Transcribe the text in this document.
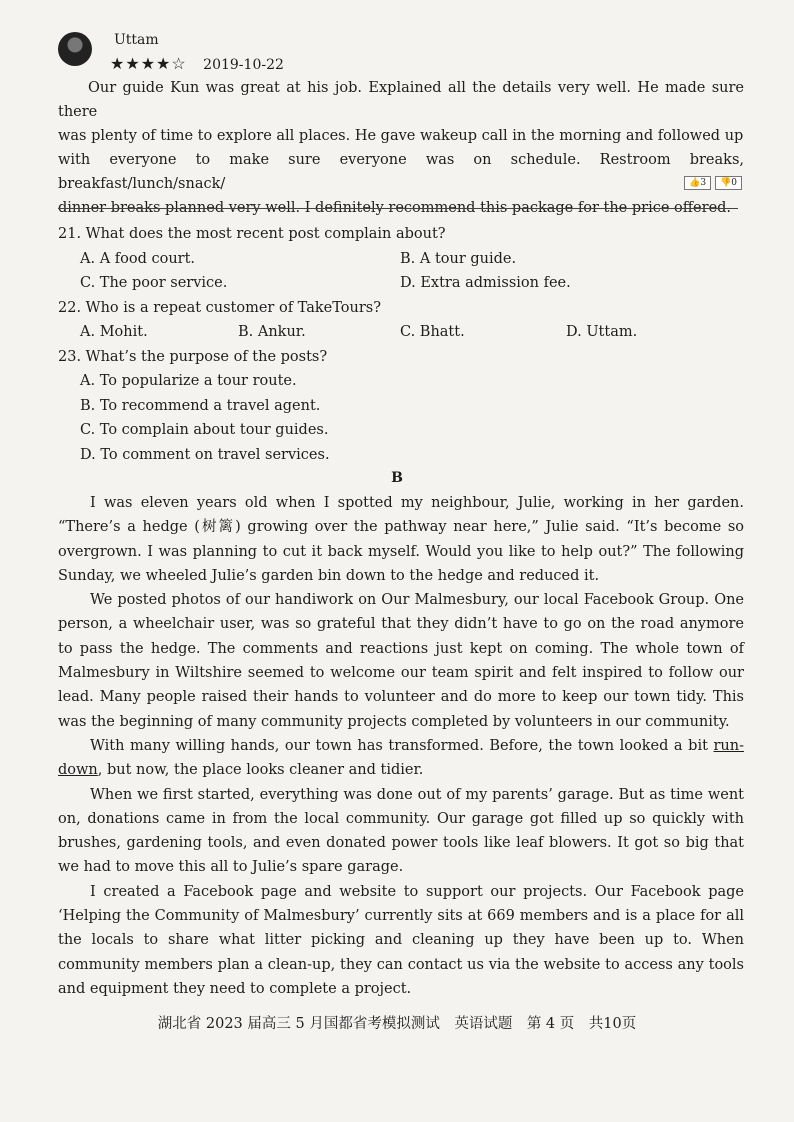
Uttam
★★★★☆ 2019-10-22
Our guide Kun was great at his job. Explained all the details very well. He made sure there
was plenty of time to explore all places. He gave wakeup call in the morning and followed up
with everyone to make sure everyone was on schedule. Restroom breaks, breakfast/lunch/snack/
dinner breaks planned very well. I definitely recommend this package for the price offered.
👍3	👎0
21. What does the most recent post complain about?
A. A food court.	B. A tour guide.
C. The poor service.	D. Extra admission fee.
22. Who is a repeat customer of TakeTours?
A. Mohit.	B. Ankur.	C. Bhatt.	D. Uttam.
23. What’s the purpose of the posts?
A. To popularize a tour route.
B. To recommend a travel agent.
C. To complain about tour guides.
D. To comment on travel services.
B

I was eleven years old when I spotted my neighbour, Julie, working in her garden. “There’s a hedge (树篱) growing over the pathway near here,” Julie said. “It’s become so overgrown. I was planning to cut it back myself. Would you like to help out?” The following Sunday, we wheeled Julie’s garden bin down to the hedge and reduced it.

We posted photos of our handiwork on Our Malmesbury, our local Facebook Group. One person, a wheelchair user, was so grateful that they didn’t have to go on the road anymore to pass the hedge. The comments and reactions just kept on coming. The whole town of Malmesbury in Wiltshire seemed to welcome our team spirit and felt inspired to follow our lead. Many people raised their hands to volunteer and do more to keep our town tidy. This was the beginning of many community projects completed by volunteers in our community.

With many willing hands, our town has transformed. Before, the town looked a bit run-down, but now, the place looks cleaner and tidier.

When we first started, everything was done out of my parents’ garage. But as time went on, donations came in from the local community. Our garage got filled up so quickly with brushes, gardening tools, and even donated power tools like leaf blowers. It got so big that we had to move this all to Julie’s spare garage.

I created a Facebook page and website to support our projects. Our Facebook page ‘Helping the Community of Malmesbury’ currently sits at 669 members and is a place for all the locals to share what litter picking and cleaning up they have been up to. When community members plan a clean-up, they can contact us via the website to access any tools and equipment they need to complete a project.

湖北省 2023 届高三 5 月国都省考模拟测试　英语试题　第 4 页　共10页
